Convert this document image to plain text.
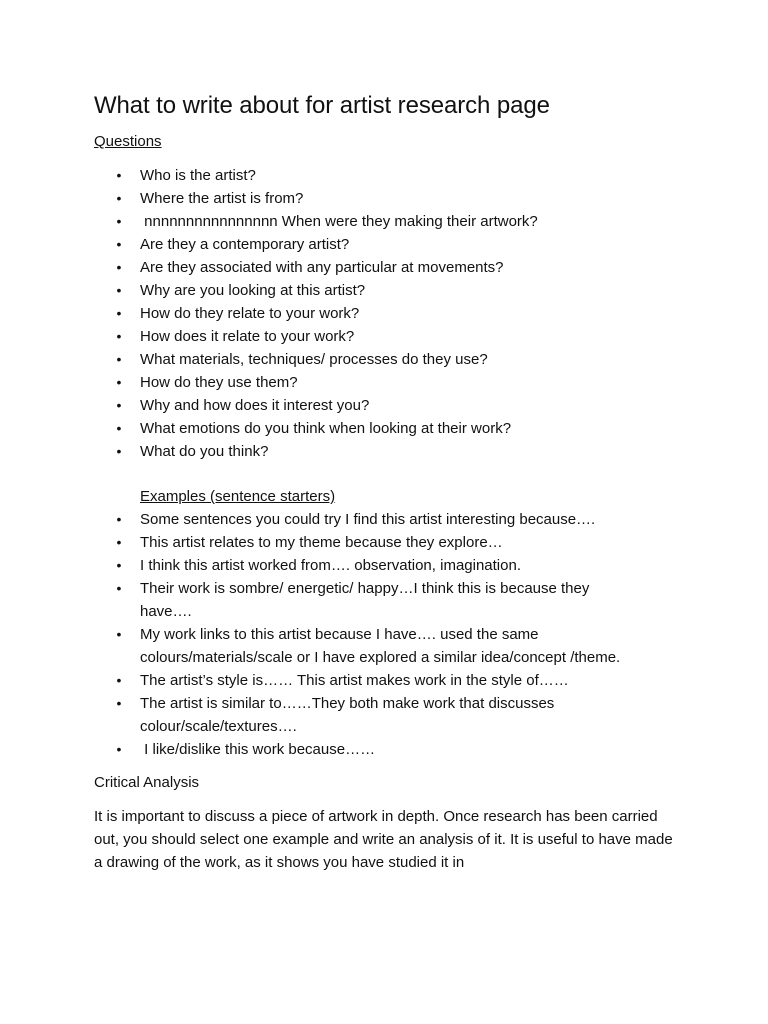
What to write about for artist research page
Questions
• Who is the artist?
• Where the artist is from?
• nnnnnnnnnnnnnnnn When were they making their artwork?
• Are they a contemporary artist?
• Are they associated with any particular at movements?
• Why are you looking at this artist?
• How do they relate to your work?
• How does it relate to your work?
• What materials, techniques/ processes do they use?
• How do they use them?
• Why and how does it interest you?
• What emotions do you think when looking at their work?
• What do you think?
Examples (sentence starters)
• Some sentences you could try I find this artist interesting because….
• This artist relates to my theme because they explore…
• I think this artist worked from…. observation, imagination.
• Their work is sombre/ energetic/ happy…I think this is because they have….
• My work links to this artist because I have…. used the same colours/materials/scale or I have explored a similar idea/concept /theme.
• The artist’s style is…… This artist makes work in the style of……
• The artist is similar to……They both make work that discusses colour/scale/textures….
• I like/dislike this work because……
Critical Analysis

It is important to discuss a piece of artwork in depth. Once research has been carried out, you should select one example and write an analysis of it. It is useful to have made a drawing of the work, as it shows you have studied it in
